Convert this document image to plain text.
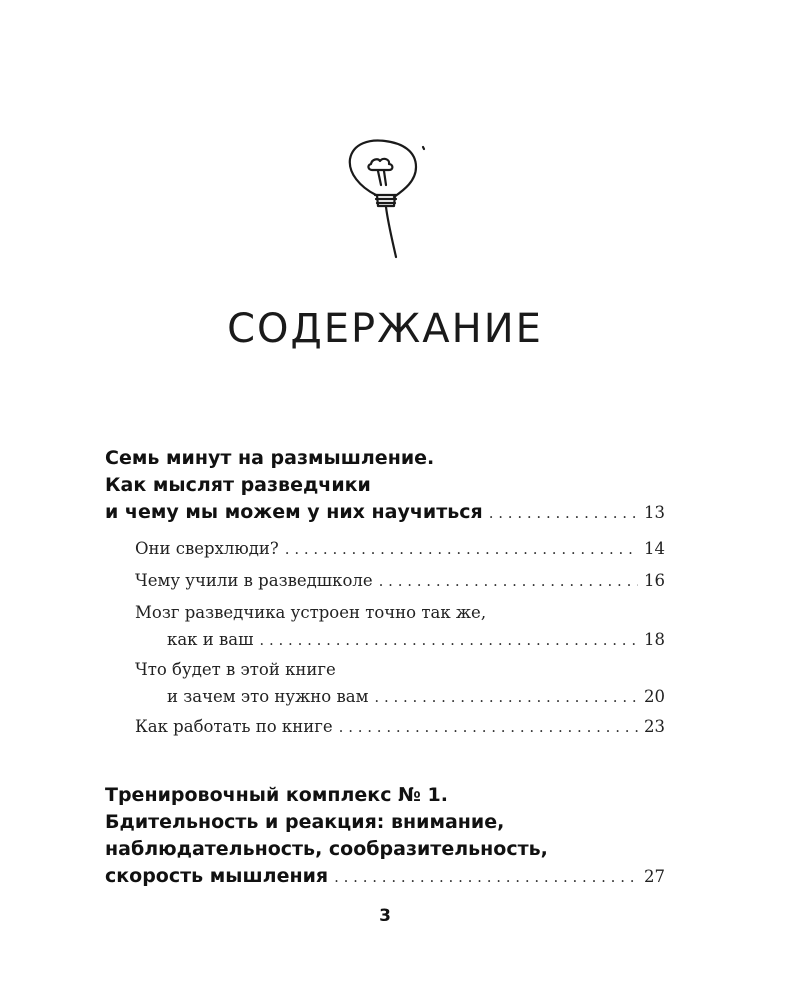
СОДЕРЖАНИЕ
Семь минут на размышление.
Как мыслят разведчики
и чему мы можем у них научиться . . .	13
Они сверхлюди? . . .	14
Чему учили в разведшколе . . .	16
Мозг разведчика устроен точно так же,
как и ваш . . .	18
Что будет в этой книге
и зачем это нужно вам . . .	20
Как работать по книге . . .	23
Тренировочный комплекс № 1.
Бдительность и реакция: внимание,
наблюдательность, сообразительность,
скорость мышления . . .	27
3
